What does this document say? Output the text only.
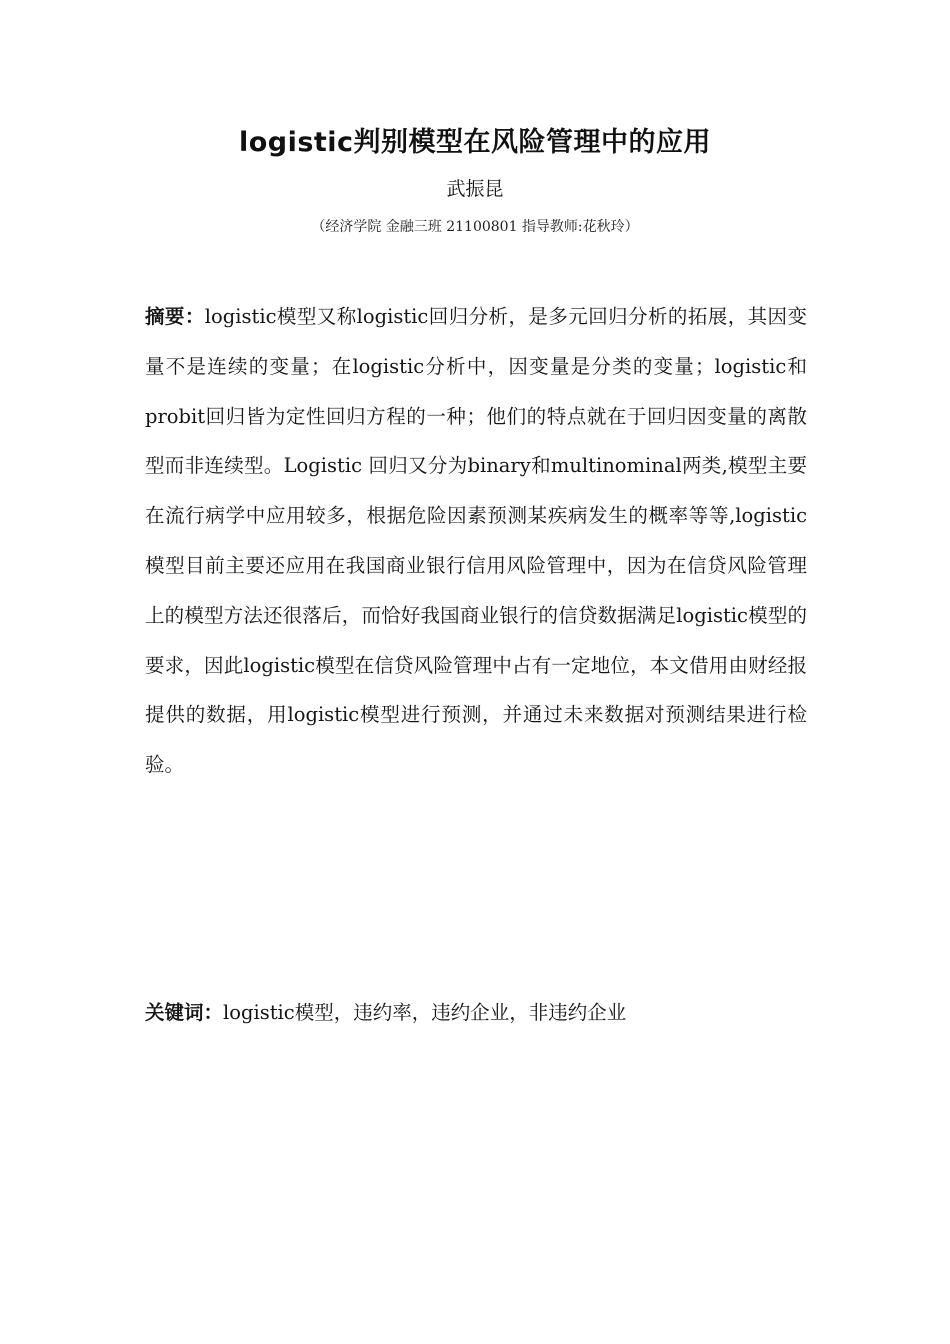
logistic判别模型在风险管理中的应用
武振昆
（经济学院 金融三班 21100801 指导教师:花秋玲）
摘要：logistic模型又称logistic回归分析，是多元回归分析的拓展，其因变量不是连续的变量；在logistic分析中，因变量是分类的变量；logistic和probit回归皆为定性回归方程的一种；他们的特点就在于回归因变量的离散型而非连续型。Logistic 回归又分为binary和multinominal两类,模型主要在流行病学中应用较多，根据危险因素预测某疾病发生的概率等等,logistic模型目前主要还应用在我国商业银行信用风险管理中，因为在信贷风险管理上的模型方法还很落后，而恰好我国商业银行的信贷数据满足logistic模型的要求，因此logistic模型在信贷风险管理中占有一定地位，本文借用由财经报提供的数据，用logistic模型进行预测，并通过未来数据对预测结果进行检验。
关键词：logistic模型，违约率，违约企业，非违约企业
